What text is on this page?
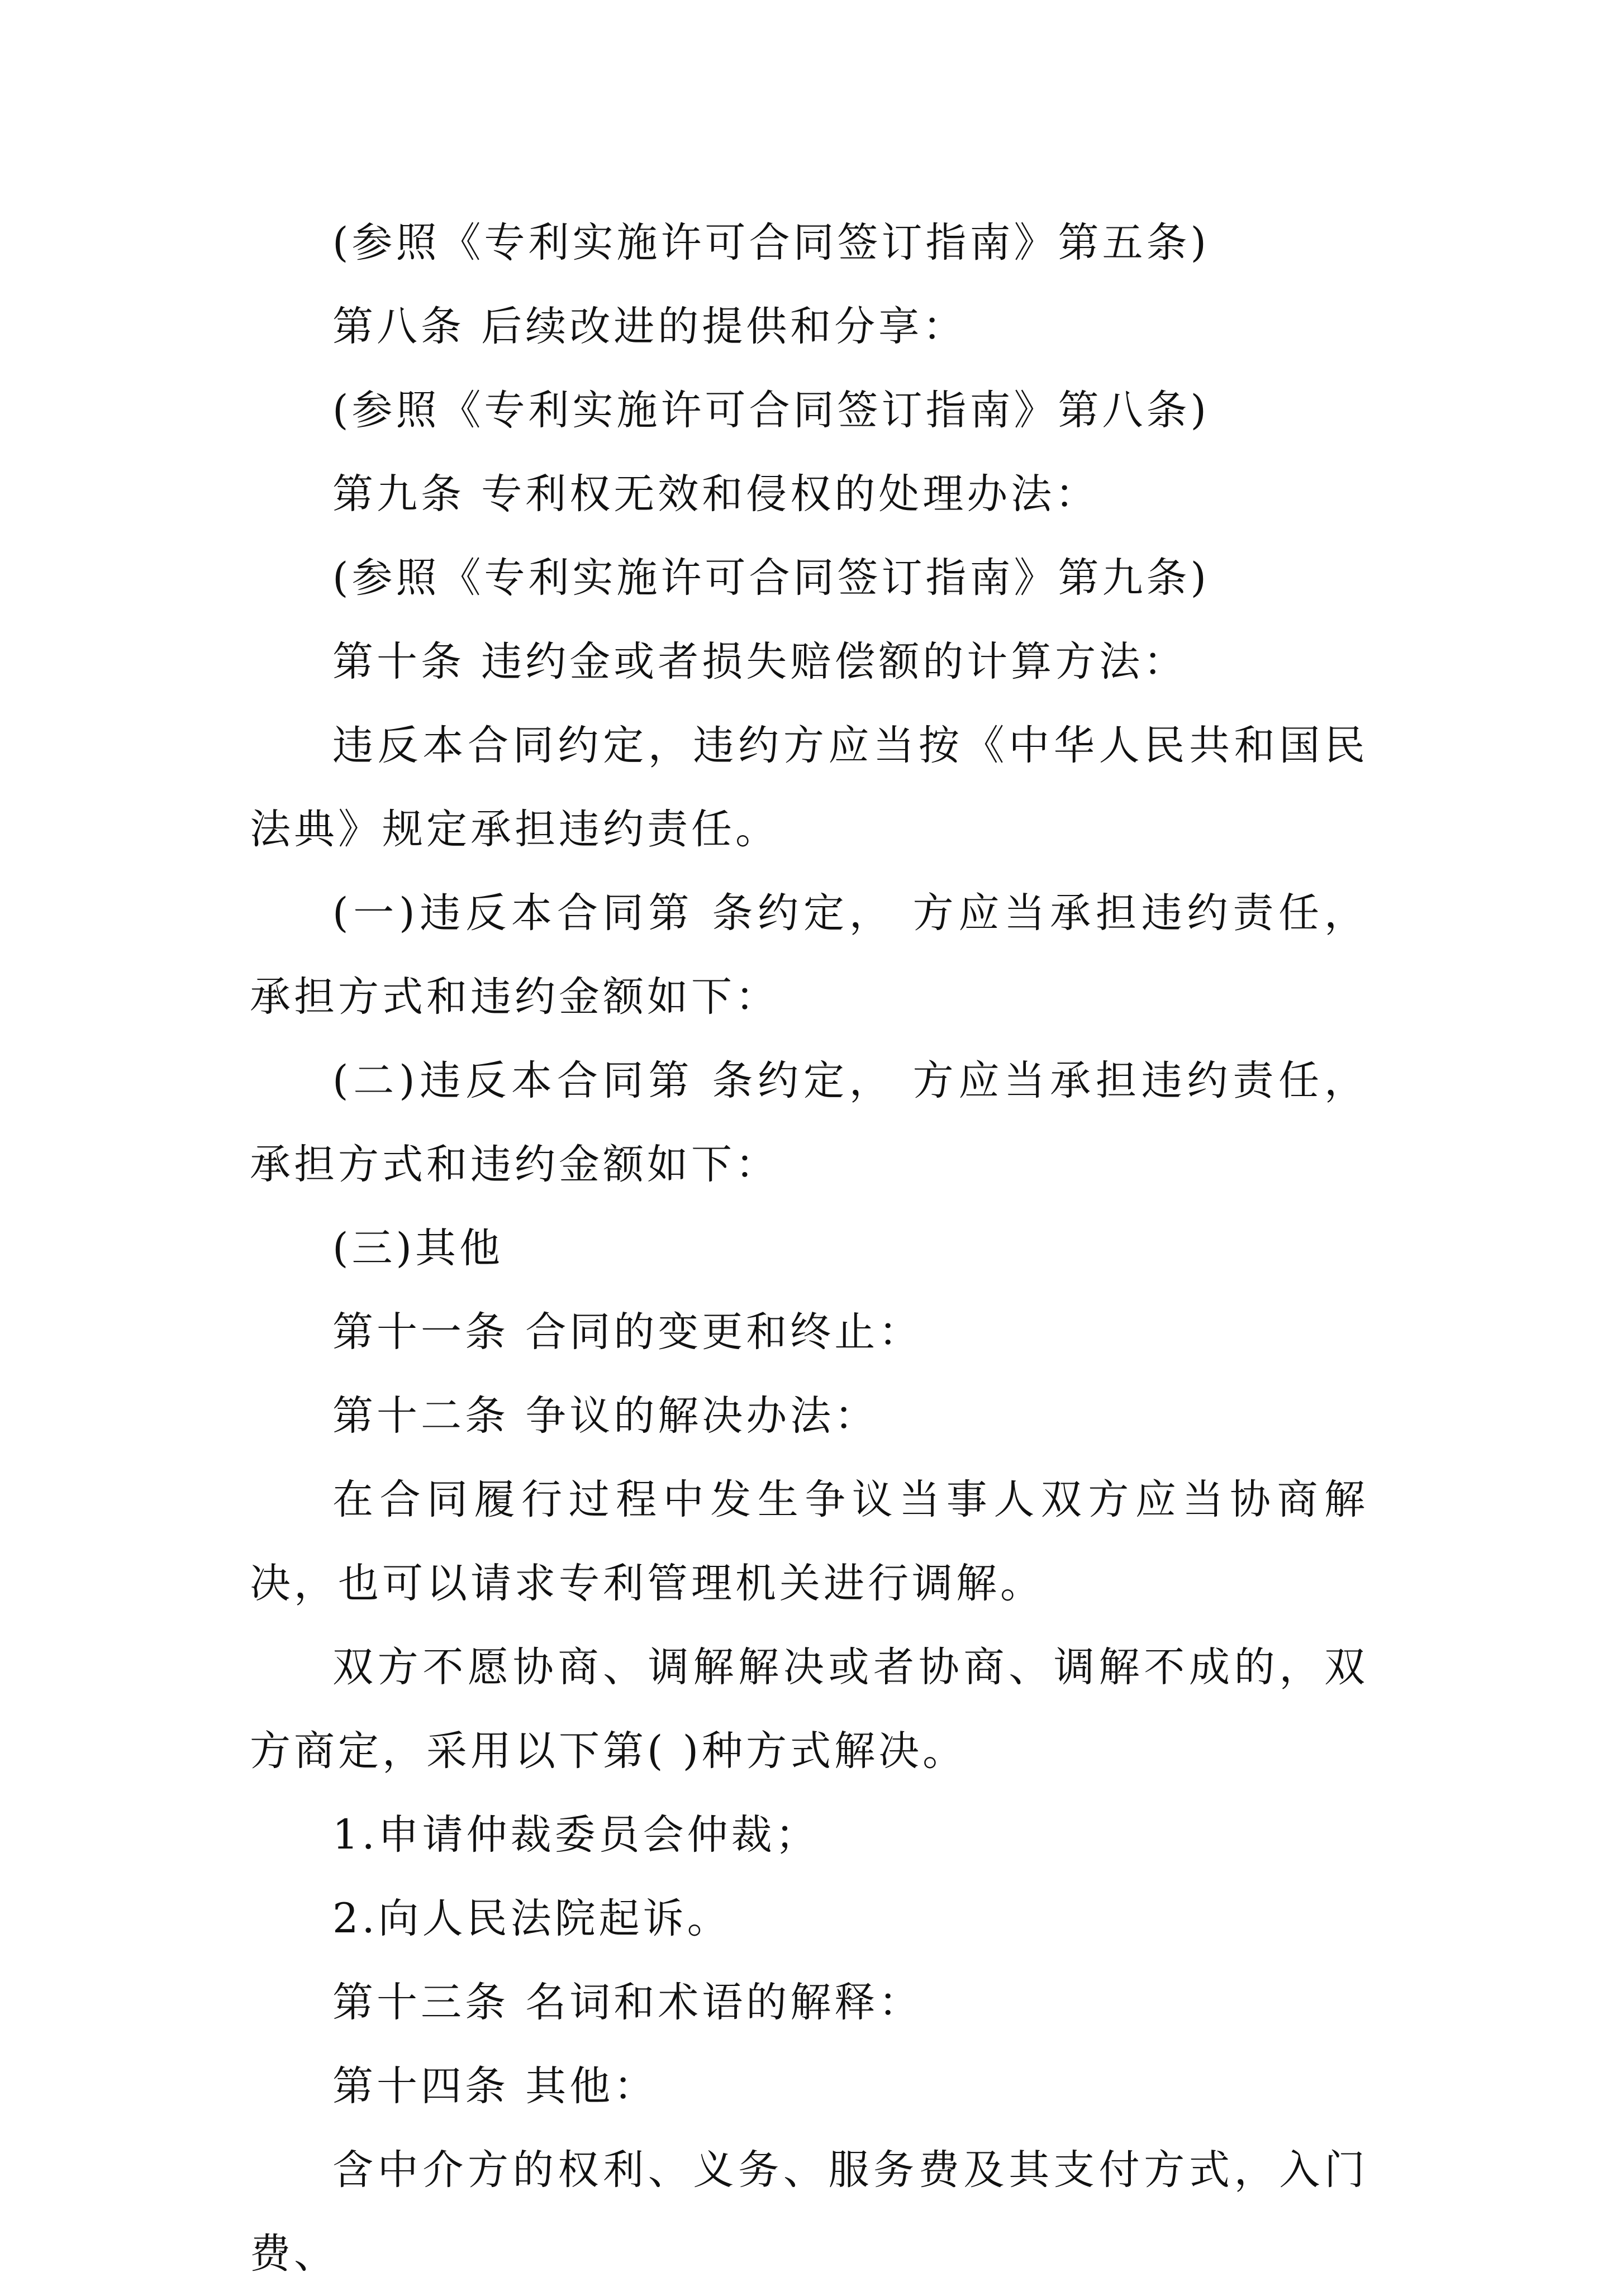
(参照《专利实施许可合同签订指南》第五条)

第八条 后续改进的提供和分享：

(参照《专利实施许可合同签订指南》第八条)

第九条 专利权无效和侵权的处理办法：

(参照《专利实施许可合同签订指南》第九条)

第十条 违约金或者损失赔偿额的计算方法：

违反本合同约定，违约方应当按《中华人民共和国民法典》规定承担违约责任。

(一)违反本合同第 条约定， 方应当承担违约责任，承担方式和违约金额如下：

(二)违反本合同第 条约定， 方应当承担违约责任，承担方式和违约金额如下：

(三)其他

第十一条 合同的变更和终止：

第十二条 争议的解决办法：

在合同履行过程中发生争议当事人双方应当协商解决，也可以请求专利管理机关进行调解。

双方不愿协商、调解解决或者协商、调解不成的，双方商定，采用以下第( )种方式解决。

1.申请仲裁委员会仲裁；

2.向人民法院起诉。

第十三条 名词和术语的解释：

第十四条 其他：

含中介方的权利、义务、服务费及其支付方式，入门费、
